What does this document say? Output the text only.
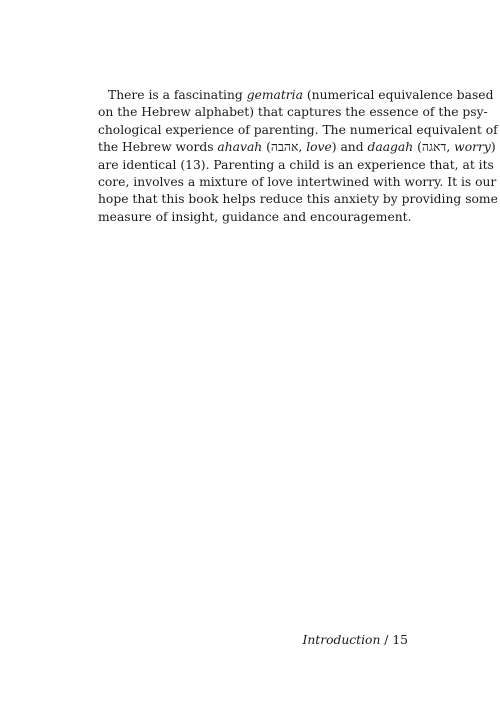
There is a fascinating gematria (numerical equivalence based
on the Hebrew alphabet) that captures the essence of the psy-
chological experience of parenting. The numerical equivalent of
the Hebrew words ahavah (אהבה, love) and daagah (דאגה, worry)
are identical (13). Parenting a child is an experience that, at its
core, involves a mixture of love intertwined with worry. It is our
hope that this book helps reduce this anxiety by providing some
measure of insight, guidance and encouragement.

Introduction / 15
